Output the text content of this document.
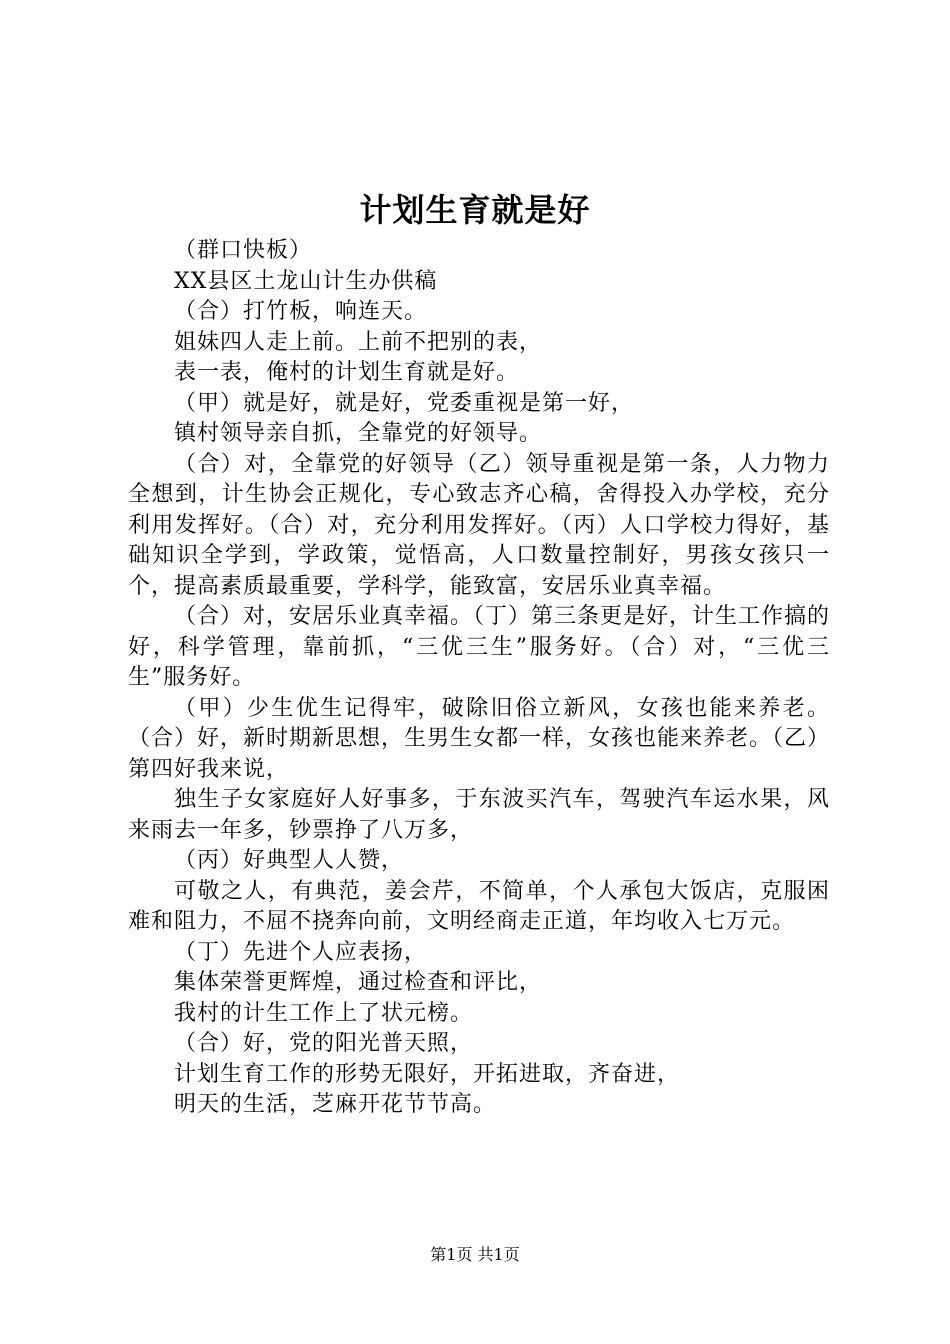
计划生育就是好

（群口快板）

XX县区土龙山计生办供稿

（合）打竹板，响连天。

姐妹四人走上前。上前不把别的表，

表一表，俺村的计划生育就是好。

（甲）就是好，就是好，党委重视是第一好，

镇村领导亲自抓，全靠党的好领导。

（合）对，全靠党的好领导（乙）领导重视是第一条，人力物力全想到，计生协会正规化，专心致志齐心稿，舍得投入办学校，充分利用发挥好。（合）对，充分利用发挥好。（丙）人口学校力得好，基础知识全学到，学政策，觉悟高，人口数量控制好，男孩女孩只一个，提高素质最重要，学科学，能致富，安居乐业真幸福。

（合）对，安居乐业真幸福。（丁）第三条更是好，计生工作搞的好，科学管理，靠前抓，“三优三生”服务好。（合）对，“三优三生”服务好。

（甲）少生优生记得牢，破除旧俗立新风，女孩也能来养老。（合）好，新时期新思想，生男生女都一样，女孩也能来养老。（乙）第四好我来说，

独生子女家庭好人好事多，于东波买汽车，驾驶汽车运水果，风来雨去一年多，钞票挣了八万多，

（丙）好典型人人赞，

可敬之人，有典范，姜会芹，不简单，个人承包大饭店，克服困难和阻力，不屈不挠奔向前，文明经商走正道，年均收入七万元。

（丁）先进个人应表扬，

集体荣誉更辉煌，通过检查和评比，

我村的计生工作上了状元榜。

（合）好，党的阳光普天照，

计划生育工作的形势无限好，开拓进取，齐奋进，

明天的生活，芝麻开花节节高。

第1页 共1页
